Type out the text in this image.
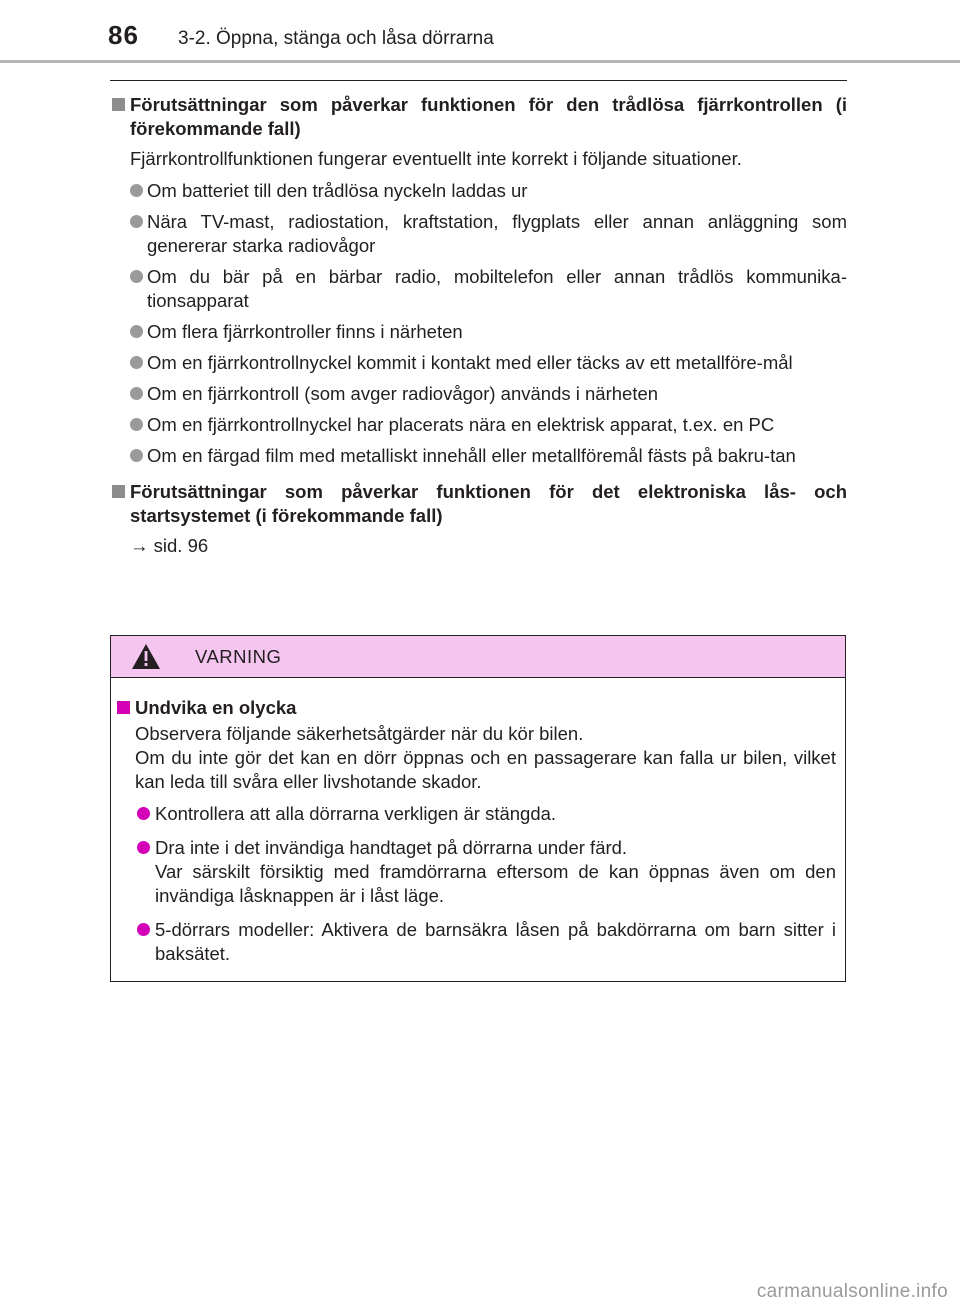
86 3-2. Öppna, stänga och låsa dörrarna
Förutsättningar som påverkar funktionen för den trådlösa fjärrkontrollen (i förekommande fall)
Fjärrkontrollfunktionen fungerar eventuellt inte korrekt i följande situationer.
Om batteriet till den trådlösa nyckeln laddas ur
Nära TV-mast, radiostation, kraftstation, flygplats eller annan anläggning som genererar starka radiovågor
Om du bär på en bärbar radio, mobiltelefon eller annan trådlös kommunika-tionsapparat
Om flera fjärrkontroller finns i närheten
Om en fjärrkontrollnyckel kommit i kontakt med eller täcks av ett metallföre-mål
Om en fjärrkontroll (som avger radiovågor) används i närheten
Om en fjärrkontrollnyckel har placerats nära en elektrisk apparat, t.ex. en PC
Om en färgad film med metalliskt innehåll eller metallföremål fästs på bakru-tan
Förutsättningar som påverkar funktionen för det elektroniska lås- och startsystemet (i förekommande fall)
→ sid. 96
VARNING
Undvika en olycka
Observera följande säkerhetsåtgärder när du kör bilen.
Om du inte gör det kan en dörr öppnas och en passagerare kan falla ur bilen, vilket kan leda till svåra eller livshotande skador.
Kontrollera att alla dörrarna verkligen är stängda.
Dra inte i det invändiga handtaget på dörrarna under färd.
Var särskilt försiktig med framdörrarna eftersom de kan öppnas även om den invändiga låsknappen är i låst läge.
5-dörrars modeller: Aktivera de barnsäkra låsen på bakdörrarna om barn sitter i baksätet.
carmanualsonline.info
